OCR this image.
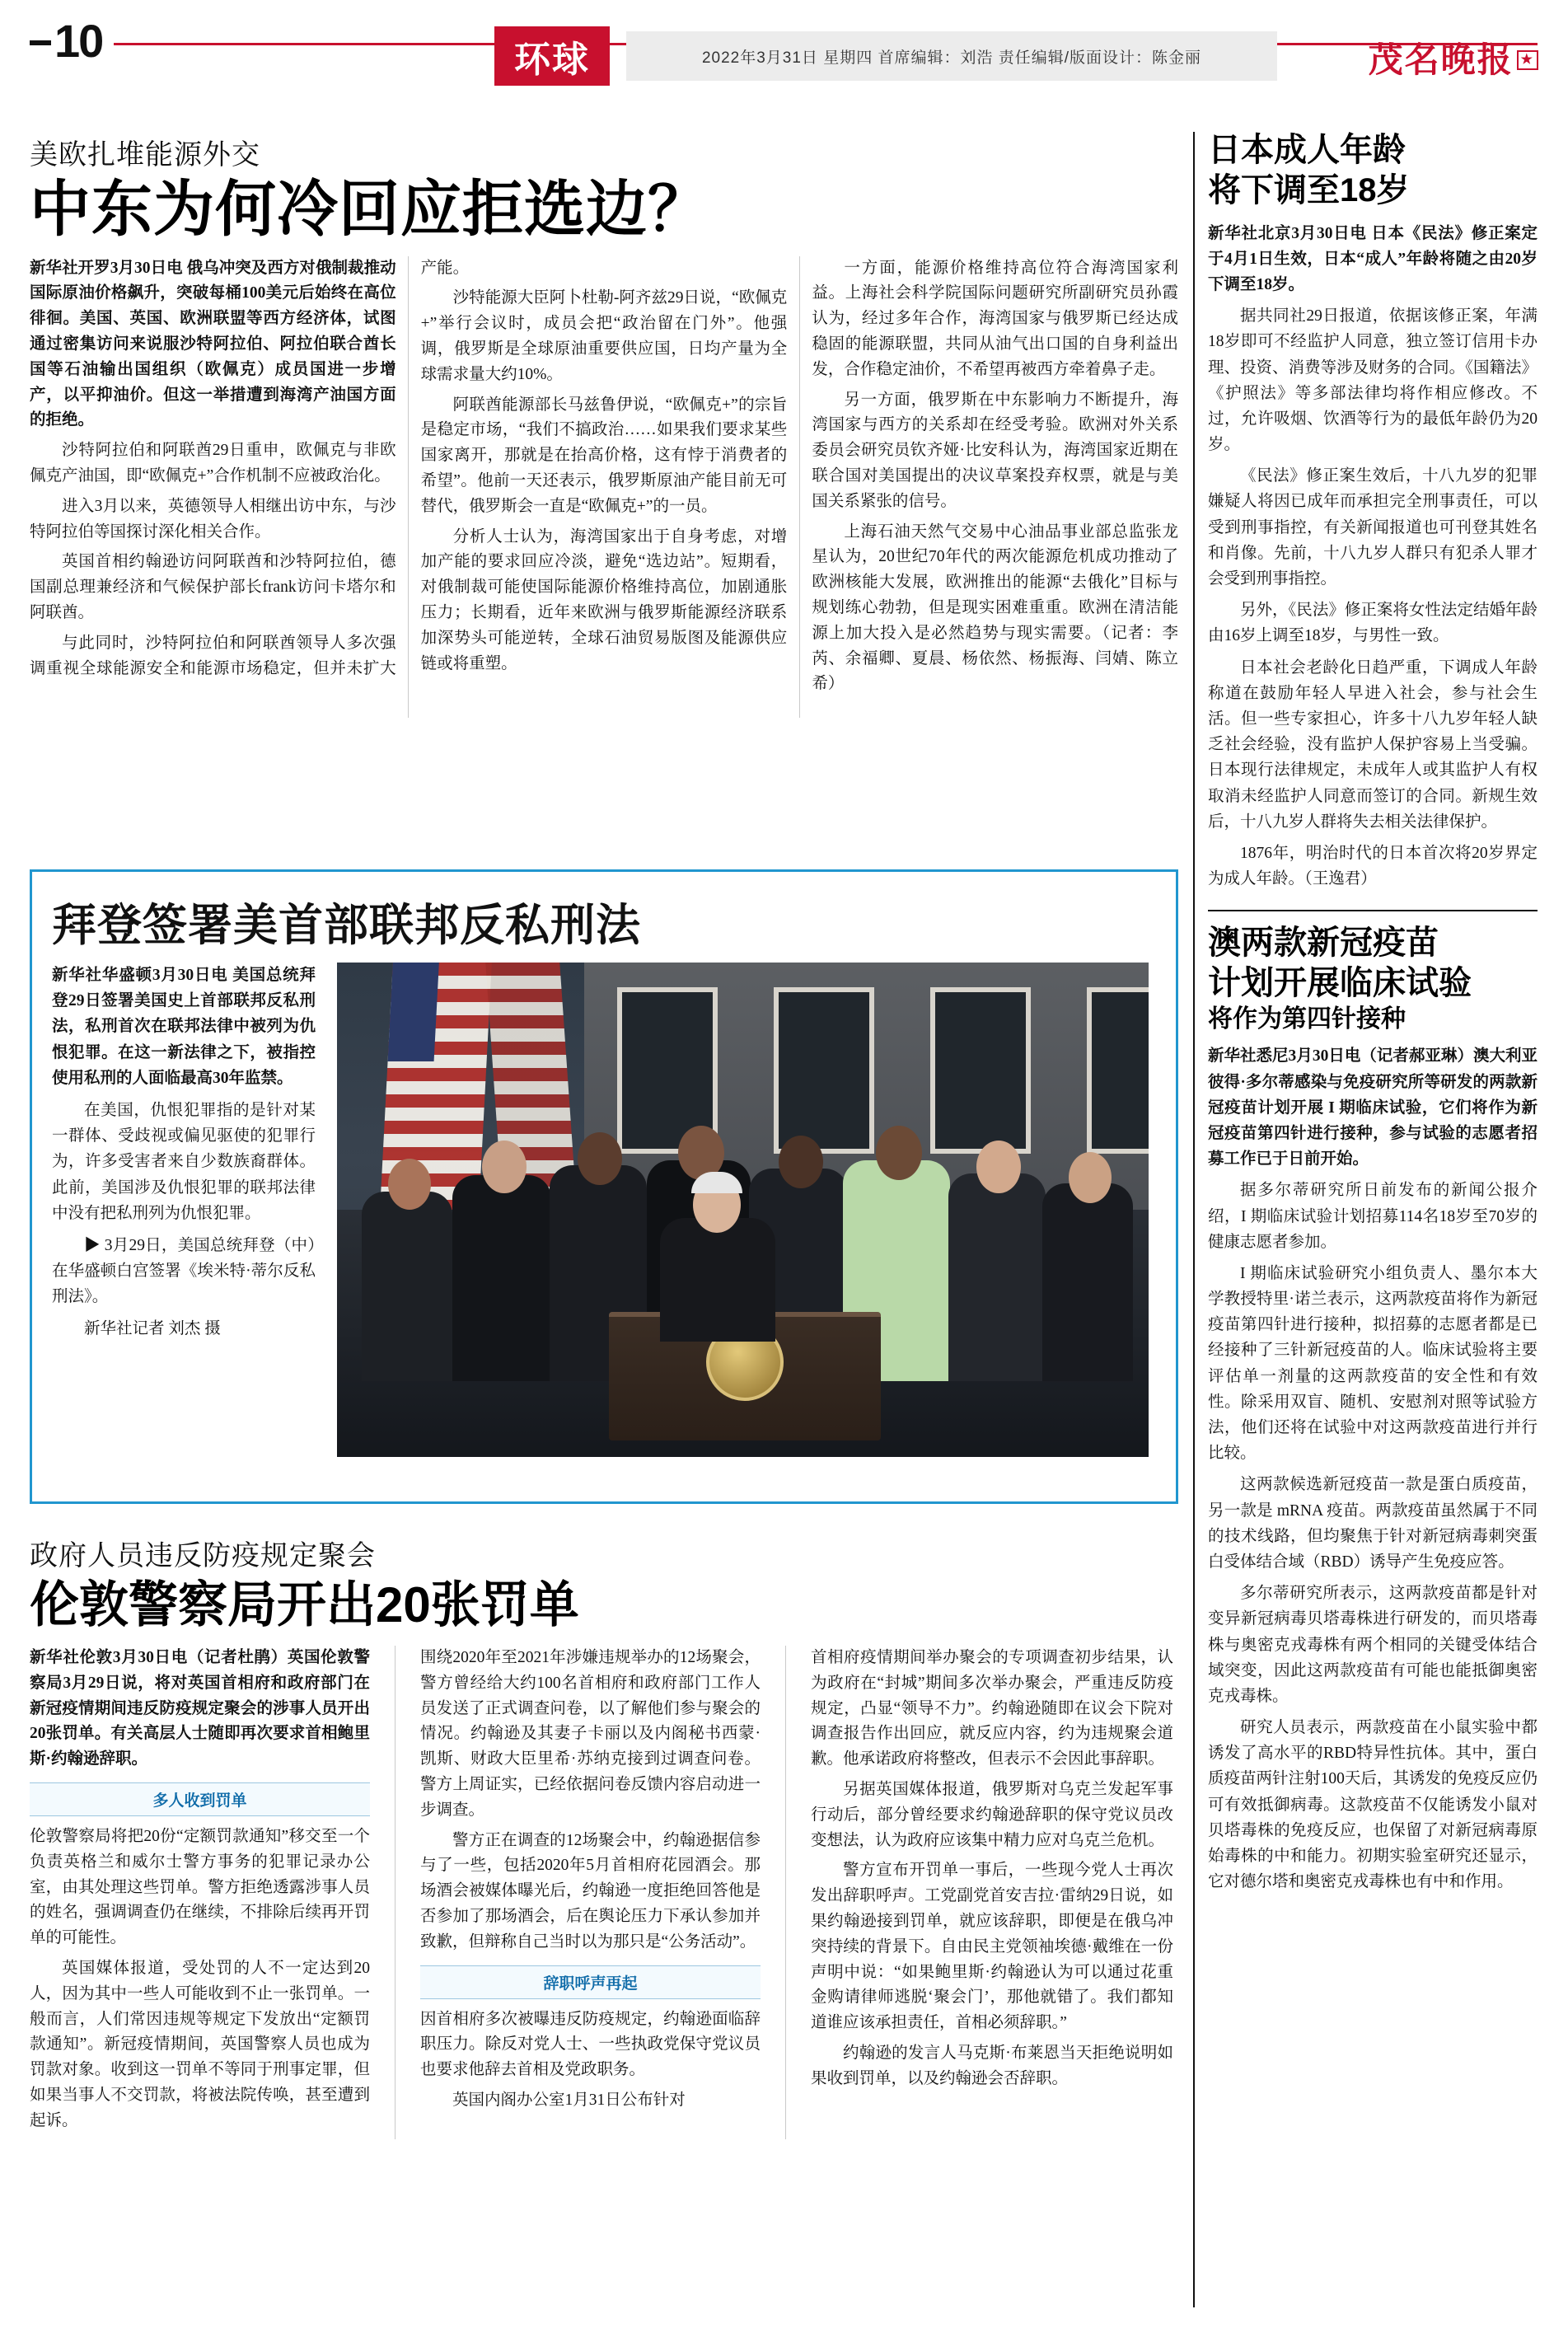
10	环球	2022年3月31日 星期四 首席编辑：刘浩 责任编辑/版面设计：陈金丽	茂名晚报 ★
美欧扎堆能源外交
中东为何冷回应拒选边？

新华社开罗3月30日电 俄乌冲突及西方对俄制裁推动国际原油价格飙升，突破每桶100美元后始终在高位徘徊。美国、英国、欧洲联盟等西方经济体，试图通过密集访问来说服沙特阿拉伯、阿拉伯联合酋长国等石油输出国组织（欧佩克）成员国进一步增产，以平抑油价。但这一举措遭到海湾产油国方面的拒绝。

沙特阿拉伯和阿联酋29日重申，欧佩克与非欧佩克产油国，即“欧佩克+”合作机制不应被政治化。

进入3月以来，英德领导人相继出访中东，与沙特阿拉伯等国探讨深化相关合作。

英国首相约翰逊访问阿联酋和沙特阿拉伯，德国副总理兼经济和气候保护部长frank访问卡塔尔和阿联酋。

与此同时，沙特阿拉伯和阿联酋领导人多次强调重视全球能源安全和能源市场稳定，但并未扩大产能。

沙特能源大臣阿卜杜勒-阿齐兹29日说，“欧佩克+”举行会议时，成员会把“政治留在门外”。他强调，俄罗斯是全球原油重要供应国，日均产量为全球需求量大约10%。

阿联酋能源部长马兹鲁伊说，“欧佩克+”的宗旨是稳定市场，“我们不搞政治……如果我们要求某些国家离开，那就是在抬高价格，这有悖于消费者的希望”。他前一天还表示，俄罗斯原油产能目前无可替代，俄罗斯会一直是“欧佩克+”的一员。

分析人士认为，海湾国家出于自身考虑，对增加产能的要求回应冷淡，避免“选边站”。短期看，对俄制裁可能使国际能源价格维持高位，加剧通胀压力；长期看，近年来欧洲与俄罗斯能源经济联系加深势头可能逆转，全球石油贸易版图及能源供应链或将重塑。

一方面，能源价格维持高位符合海湾国家利益。上海社会科学院国际问题研究所副研究员孙霞认为，经过多年合作，海湾国家与俄罗斯已经达成稳固的能源联盟，共同从油气出口国的自身利益出发，合作稳定油价，不希望再被西方牵着鼻子走。

另一方面，俄罗斯在中东影响力不断提升，海湾国家与西方的关系却在经受考验。欧洲对外关系委员会研究员钦齐娅·比安科认为，海湾国家近期在联合国对美国提出的决议草案投弃权票，就是与美国关系紧张的信号。

上海石油天然气交易中心油品事业部总监张龙星认为，20世纪70年代的两次能源危机成功推动了欧洲核能大发展，欧洲推出的能源“去俄化”目标与规划练心勃勃，但是现实困难重重。欧洲在清洁能源上加大投入是必然趋势与现实需要。（记者：李芮、余福卿、夏晨、杨依然、杨振海、闫婧、陈立希）

拜登签署美首部联邦反私刑法

新华社华盛顿3月30日电 美国总统拜登29日签署美国史上首部联邦反私刑法，私刑首次在联邦法律中被列为仇恨犯罪。在这一新法律之下，被指控使用私刑的人面临最高30年监禁。

在美国，仇恨犯罪指的是针对某一群体、受歧视或偏见驱使的犯罪行为，许多受害者来自少数族裔群体。此前，美国涉及仇恨犯罪的联邦法律中没有把私刑列为仇恨犯罪。

▶ 3月29日，美国总统拜登（中）在华盛顿白宫签署《埃米特·蒂尔反私刑法》。

新华社记者 刘杰 摄

政府人员违反防疫规定聚会
伦敦警察局开出20张罚单

新华社伦敦3月30日电（记者杜鹃）英国伦敦警察局3月29日说，将对英国首相府和政府部门在新冠疫情期间违反防疫规定聚会的涉事人员开出20张罚单。有关高层人士随即再次要求首相鲍里斯·约翰逊辞职。

多人收到罚单

伦敦警察局将把20份“定额罚款通知”移交至一个负责英格兰和威尔士警方事务的犯罪记录办公室，由其处理这些罚单。警方拒绝透露涉事人员的姓名，强调调查仍在继续，不排除后续再开罚单的可能性。

英国媒体报道，受处罚的人不一定达到20人，因为其中一些人可能收到不止一张罚单。一般而言，人们常因违规等规定下发放出“定额罚款通知”。新冠疫情期间，英国警察人员也成为罚款对象。收到这一罚单不等同于刑事定罪，但如果当事人不交罚款，将被法院传唤，甚至遭到起诉。

围绕2020年至2021年涉嫌违规举办的12场聚会，警方曾经给大约100名首相府和政府部门工作人员发送了正式调查问卷，以了解他们参与聚会的情况。约翰逊及其妻子卡丽以及内阁秘书西蒙·凯斯、财政大臣里希·苏纳克接到过调查问卷。警方上周证实，已经依据问卷反馈内容启动进一步调查。

警方正在调查的12场聚会中，约翰逊据信参与了一些，包括2020年5月首相府花园酒会。那场酒会被媒体曝光后，约翰逊一度拒绝回答他是否参加了那场酒会，后在舆论压力下承认参加并致歉，但辩称自己当时以为那只是“公务活动”。

辞职呼声再起

因首相府多次被曝违反防疫规定，约翰逊面临辞职压力。除反对党人士、一些执政党保守党议员也要求他辞去首相及党政职务。

英国内阁办公室1月31日公布针对

首相府疫情期间举办聚会的专项调查初步结果，认为政府在“封城”期间多次举办聚会，严重违反防疫规定，凸显“领导不力”。约翰逊随即在议会下院对调查报告作出回应，就反应内容，约为违规聚会道歉。他承诺政府将整改，但表示不会因此事辞职。

另据英国媒体报道，俄罗斯对乌克兰发起军事行动后，部分曾经要求约翰逊辞职的保守党议员改变想法，认为政府应该集中精力应对乌克兰危机。

警方宣布开罚单一事后，一些现今党人士再次发出辞职呼声。工党副党首安吉拉·雷纳29日说，如果约翰逊接到罚单，就应该辞职，即便是在俄乌冲突持续的背景下。自由民主党领袖埃德·戴维在一份声明中说：“如果鲍里斯·约翰逊认为可以通过花重金购请律师逃脱‘聚会门’，那他就错了。我们都知道谁应该承担责任，首相必须辞职。”

约翰逊的发言人马克斯·布莱恩当天拒绝说明如果收到罚单，以及约翰逊会否辞职。

日本成人年龄
将下调至18岁

新华社北京3月30日电 日本《民法》修正案定于4月1日生效，日本“成人”年龄将随之由20岁下调至18岁。

据共同社29日报道，依据该修正案，年满18岁即可不经监护人同意，独立签订信用卡办理、投资、消费等涉及财务的合同。《国籍法》《护照法》等多部法律均将作相应修改。不过，允许吸烟、饮酒等行为的最低年龄仍为20岁。

《民法》修正案生效后，十八九岁的犯罪嫌疑人将因已成年而承担完全刑事责任，可以受到刑事指控，有关新闻报道也可刊登其姓名和肖像。先前，十八九岁人群只有犯杀人罪才会受到刑事指控。

另外，《民法》修正案将女性法定结婚年龄由16岁上调至18岁，与男性一致。

日本社会老龄化日趋严重，下调成人年龄称道在鼓励年轻人早进入社会，参与社会生活。但一些专家担心，许多十八九岁年轻人缺乏社会经验，没有监护人保护容易上当受骗。日本现行法律规定，未成年人或其监护人有权取消未经监护人同意而签订的合同。新规生效后，十八九岁人群将失去相关法律保护。

1876年，明治时代的日本首次将20岁界定为成人年龄。（王逸君）

澳两款新冠疫苗
计划开展临床试验
将作为第四针接种

新华社悉尼3月30日电（记者郝亚琳）澳大利亚彼得·多尔蒂感染与免疫研究所等研发的两款新冠疫苗计划开展 I 期临床试验，它们将作为新冠疫苗第四针进行接种，参与试验的志愿者招募工作已于日前开始。

据多尔蒂研究所日前发布的新闻公报介绍，I 期临床试验计划招募114名18岁至70岁的健康志愿者参加。

I 期临床试验研究小组负责人、墨尔本大学教授特里·诺兰表示，这两款疫苗将作为新冠疫苗第四针进行接种，拟招募的志愿者都是已经接种了三针新冠疫苗的人。临床试验将主要评估单一剂量的这两款疫苗的安全性和有效性。除采用双盲、随机、安慰剂对照等试验方法，他们还将在试验中对这两款疫苗进行并行比较。

这两款候选新冠疫苗一款是蛋白质疫苗，另一款是 mRNA 疫苗。两款疫苗虽然属于不同的技术线路，但均聚焦于针对新冠病毒刺突蛋白受体结合域（RBD）诱导产生免疫应答。

多尔蒂研究所表示，这两款疫苗都是针对变异新冠病毒贝塔毒株进行研发的，而贝塔毒株与奥密克戎毒株有两个相同的关键受体结合域突变，因此这两款疫苗有可能也能抵御奥密克戎毒株。

研究人员表示，两款疫苗在小鼠实验中都诱发了高水平的RBD特异性抗体。其中，蛋白质疫苗两针注射100天后，其诱发的免疫反应仍可有效抵御病毒。这款疫苗不仅能诱发小鼠对贝塔毒株的免疫反应，也保留了对新冠病毒原始毒株的中和能力。初期实验室研究还显示，它对德尔塔和奥密克戎毒株也有中和作用。
